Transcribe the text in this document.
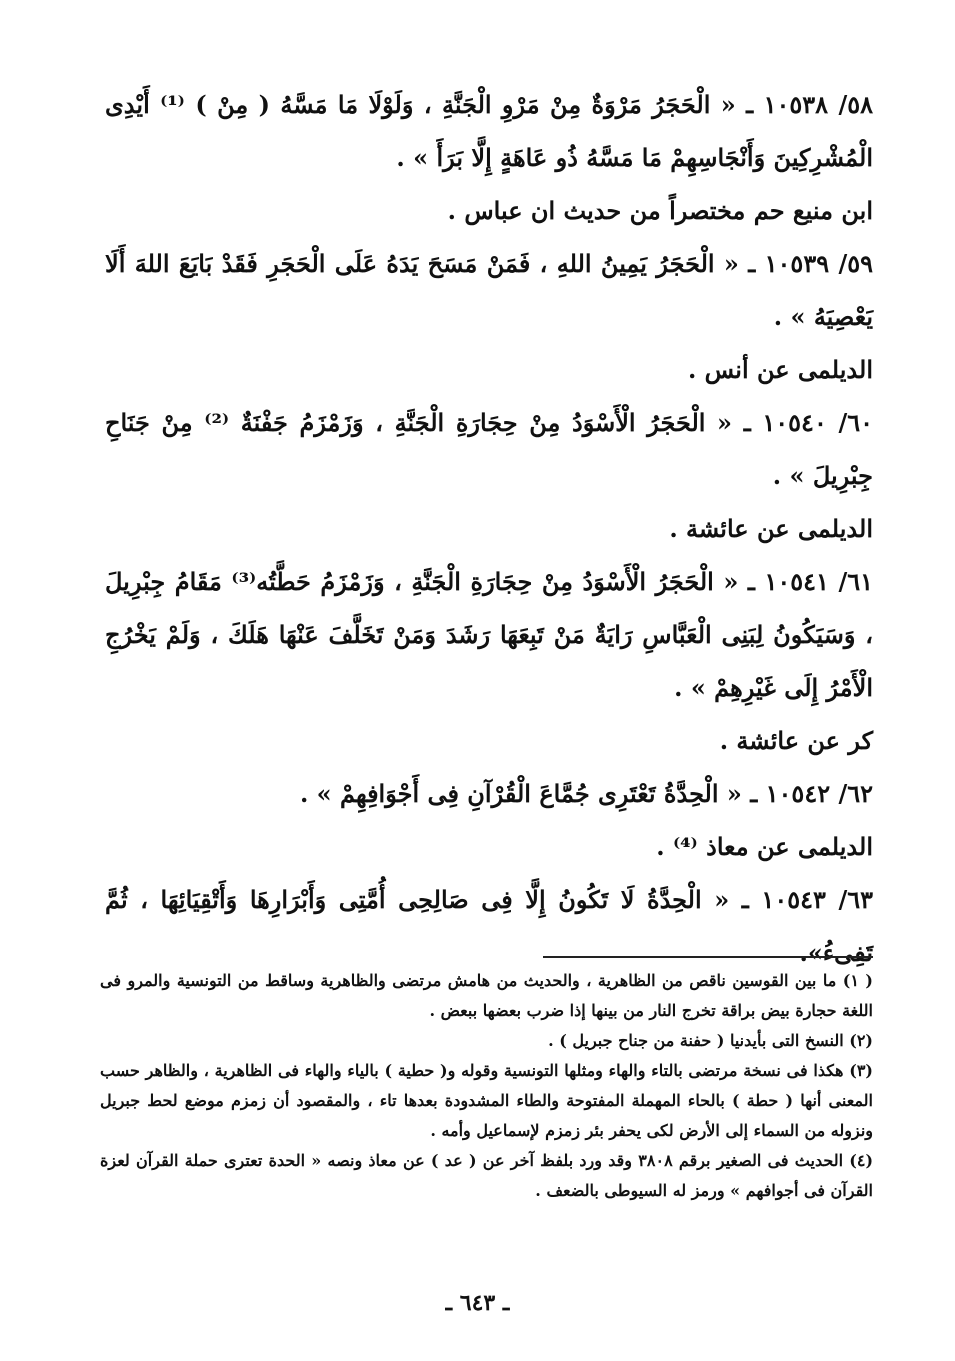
٥٨/ ١٠٥٣٨ ـ « الْحَجَرُ مَرْوَةٌ مِنْ مَرْوِ الْجَنَّةِ ، وَلَوْلَا مَا مَسَّهُ ( مِنْ ) ⁽¹⁾ أَيْدِى الْمُشْرِكِينَ وَأَنْجَاسِهِمْ مَا مَسَّهُ ذُو عَاهَةٍ إِلَّا بَرَأَ » .

ابن منيع حم مختصراً من حديث ان عباس .

٥٩/ ١٠٥٣٩ ـ « الْحَجَرُ يَمِينُ اللهِ ، فَمَنْ مَسَحَ يَدَهُ عَلَى الْحَجَرِ فَقَدْ بَايَعَ اللهَ أَلَا يَعْصِيَهُ » .

الديلمى عن أنس .

٦٠/ ١٠٥٤٠ ـ « الْحَجَرُ الْأَسْوَدُ مِنْ حِجَارَةِ الْجَنَّةِ ، وَزَمْزَمُ جَفْنَةٌ ⁽²⁾ مِنْ جَنَاحِ جِبْرِيلَ » .

الديلمى عن عائشة .

٦١/ ١٠٥٤١ ـ « الْحَجَرُ الْأَسْوَدُ مِنْ حِجَارَةِ الْجَنَّةِ ، وَزَمْزَمُ حَطَّتُه⁽³⁾ مَقَامُ جِبْرِيلَ ، وَسَيَكُونُ لِبَنِى الْعَبَّاسِ رَايَةٌ مَنْ تَبِعَهَا رَشَدَ وَمَنْ تَخَلَّفَ عَنْهَا هَلَكَ ، وَلَمْ يَخْرُجِ الْأَمْرُ إِلَى غَيْرِهِمْ » .

كر عن عائشة .

٦٢/ ١٠٥٤٢ ـ « الْحِدَّةُ تَعْتَرِى جُمَّاعَ الْقُرْآنِ فِى أَجْوَافِهِمْ » .

الديلمى عن معاذ ⁽⁴⁾ .

٦٣/ ١٠٥٤٣ ـ « الْحِدَّةُ لَا تَكُونُ إِلَّا فِى صَالِحِى أُمَّتِى وَأَبْرَارِهَا وَأَتْقِيَائِهَا ، ثُمَّ تَفِىءُ».

( ١) ما بين القوسين ناقص من الظاهرية ، والحديث من هامش مرتضى والظاهرية وساقط من التونسية والمرو فى اللغة حجارة بيض براقة تخرج النار من بينها إذا ضرب بعضها ببعض .

(٢) النسخ التى بأيدنيا ( حفنة من جناح جبريل ) .

(٣) هكذا فى نسخة مرتضى بالتاء والهاء ومثلها التونسية وقوله و( حطية ) بالياء والهاء فى الظاهرية ، والظاهر حسب المعنى أنها ( حطة ) بالحاء المهملة المفتوحة والطاء المشدودة بعدها تاء ، والمقصود أن زمزم موضع لحط جبريل ونزوله من السماء إلى الأرض لكى يحفر بئر زمزم لإسماعيل وأمه .

(٤) الحديث فى الصغير برقم ٣٨٠٨ وقد ورد بلفظ آخر عن ( عد ) عن معاذ ونصه « الحدة تعترى حملة القرآن لعزة القرآن فى أجوافهم » ورمز له السيوطى بالضعف .

ـ ٦٤٣ ـ
